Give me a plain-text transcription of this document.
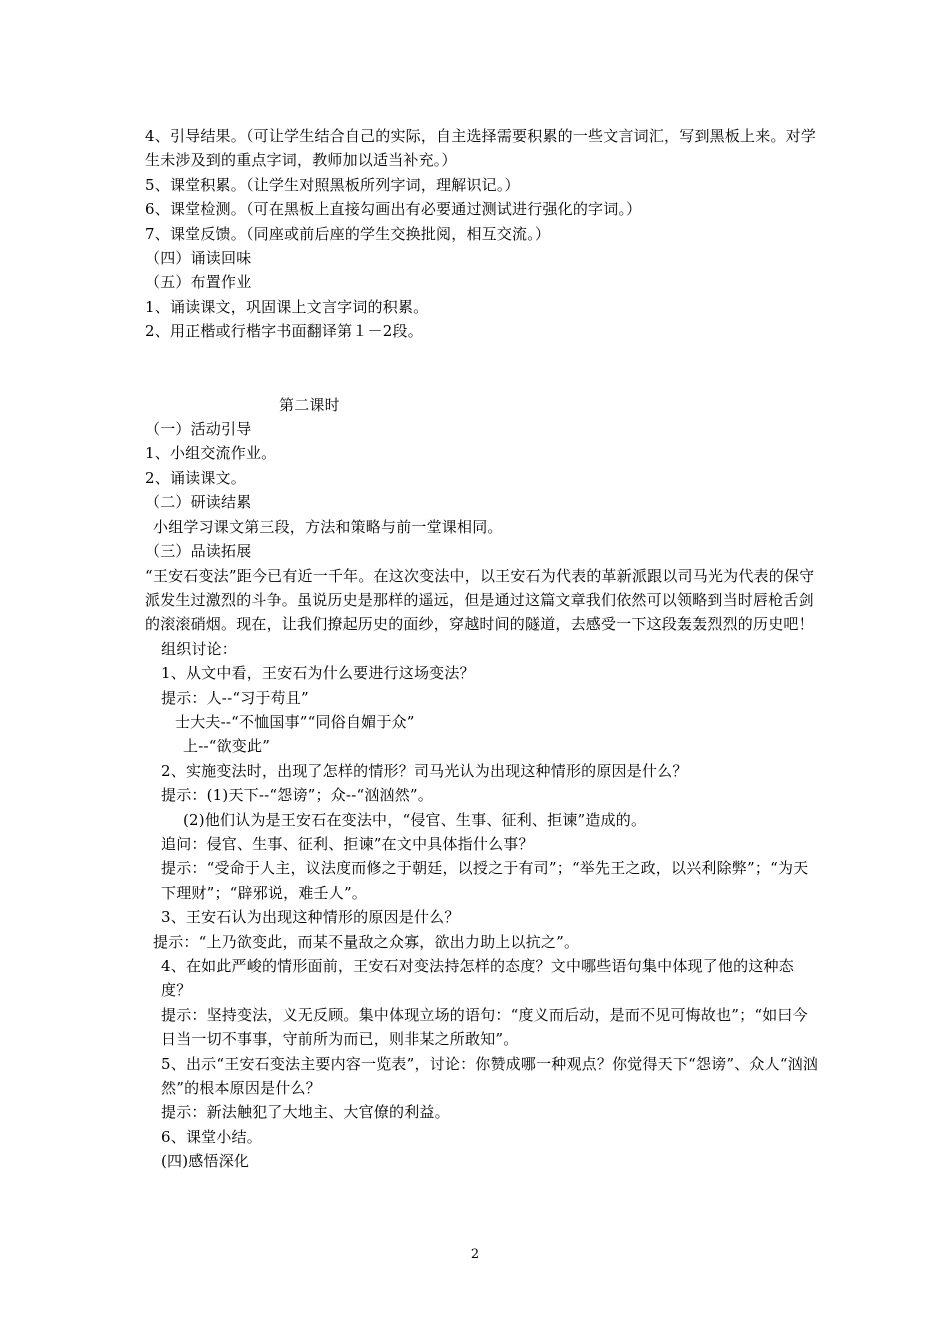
4、引导结果。（可让学生结合自己的实际，自主选择需要积累的一些文言词汇，写到黑板上来。对学生未涉及到的重点字词，教师加以适当补充。）

5、课堂积累。（让学生对照黑板所列字词，理解识记。）

6、课堂检测。（可在黑板上直接勾画出有必要通过测试进行强化的字词。）

7、课堂反馈。（同座或前后座的学生交换批阅，相互交流。）

（四）诵读回味

（五）布置作业

1、诵读课文，巩固课上文言字词的积累。

2、用正楷或行楷字书面翻译第１－2段。

第二课时

（一）活动引导

1、小组交流作业。

2、诵读课文。

（二）研读结累

小组学习课文第三段，方法和策略与前一堂课相同。

（三）品读拓展

“王安石变法”距今已有近一千年。在这次变法中，以王安石为代表的革新派跟以司马光为代表的保守派发生过激烈的斗争。虽说历史是那样的遥远，但是通过这篇文章我们依然可以领略到当时唇枪舌剑的滚滚硝烟。现在，让我们撩起历史的面纱，穿越时间的隧道，去感受一下这段轰轰烈烈的历史吧！

组织讨论：

1、从文中看，王安石为什么要进行这场变法？

提示：人--“习于苟且”

士大夫--“不恤国事”“同俗自媚于众”

上--“欲变此”

2、实施变法时，出现了怎样的情形？司马光认为出现这种情形的原因是什么？

提示：(1)天下--“怨谤”；众--“汹汹然”。

(2)他们认为是王安石在变法中，“侵官、生事、征利、拒谏”造成的。

追问：侵官、生事、征利、拒谏”在文中具体指什么事？

提示：“受命于人主，议法度而修之于朝廷，以授之于有司”；“举先王之政，以兴利除弊”；“为天下理财”；“辟邪说，难壬人”。

3、王安石认为出现这种情形的原因是什么？

提示：“上乃欲变此，而某不量敌之众寡，欲出力助上以抗之”。

4、在如此严峻的情形面前，王安石对变法持怎样的态度？文中哪些语句集中体现了他的这种态度？

提示：坚持变法，义无反顾。集中体现立场的语句：“度义而后动，是而不见可悔故也”；“如曰今日当一切不事事，守前所为而已，则非某之所敢知”。

5、出示“王安石变法主要内容一览表”，讨论：你赞成哪一种观点？你觉得天下“怨谤”、众人“汹汹然”的根本原因是什么？

提示：新法触犯了大地主、大官僚的利益。

6、课堂小结。

(四)感悟深化

2
